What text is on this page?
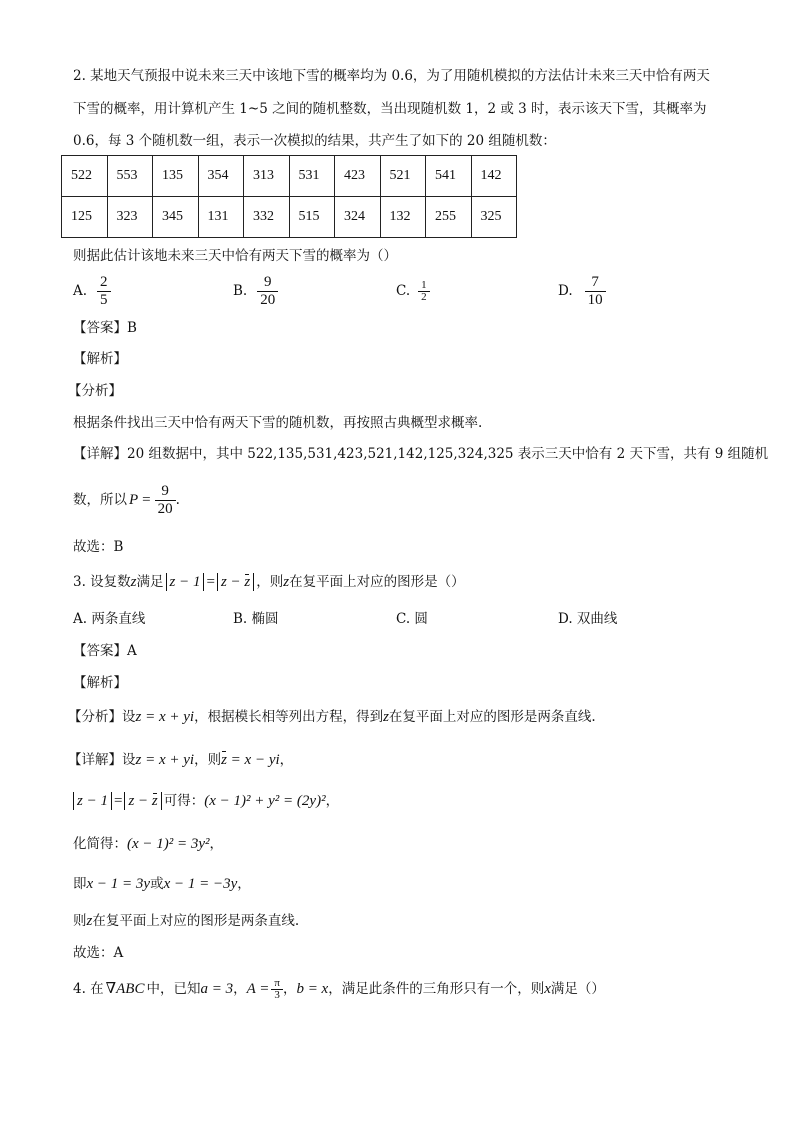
2. 某地天气预报中说未来三天中该地下雪的概率均为 0.6，为了用随机模拟的方法估计未来三天中恰有两天
下雪的概率，用计算机产生 1~5 之间的随机整数，当出现随机数 1，2 或 3 时，表示该天下雪，其概率为
0.6，每 3 个随机数一组，表示一次模拟的结果，共产生了如下的 20 组随机数：
522	553	135	354	313	531	423	521	541	142
125	323	345	131	332	515	324	132	255	325
则据此估计该地未来三天中恰有两天下雪的概率为（）
A. $\frac{2}{5}$	B. $\frac{9}{20}$	C. $\frac{1}{2}$	D. $\frac{7}{10}$
【答案】B
【解析】
【分析】
根据条件找出三天中恰有两天下雪的随机数，再按照古典概型求概率.
【详解】20 组数据中，其中 522,135,531,423,521,142,125,324,325 表示三天中恰有 2 天下雪，共有 9 组随机
数，所以 $P = \frac{9}{20}$ .
故选：B
3. 设复数 z 满足 z − 1 = z − z ，则 z 在复平面上对应的图形是（）
A. 两条直线	B. 椭圆	C. 圆	D. 双曲线
【答案】A
【解析】
【分析】设z = x + yi，根据模长相等列出方程，得到z在复平面上对应的图形是两条直线.
【详解】设z = x + yi，则z = x − yi，
z − 1 = z − z 可得： (x − 1)² + y² = (2y)² ，
化简得：(x − 1)² = 3y²，
即x − 1 = 3y或x − 1 = −3y，
则z在复平面上对应的图形是两条直线.
故选：A
4. 在 ∇ABC 中，已知 a = 3 ， $A = \frac{\pi}{3}$ ， b = x ，满足此条件的三角形只有一个，则 x 满足（）
